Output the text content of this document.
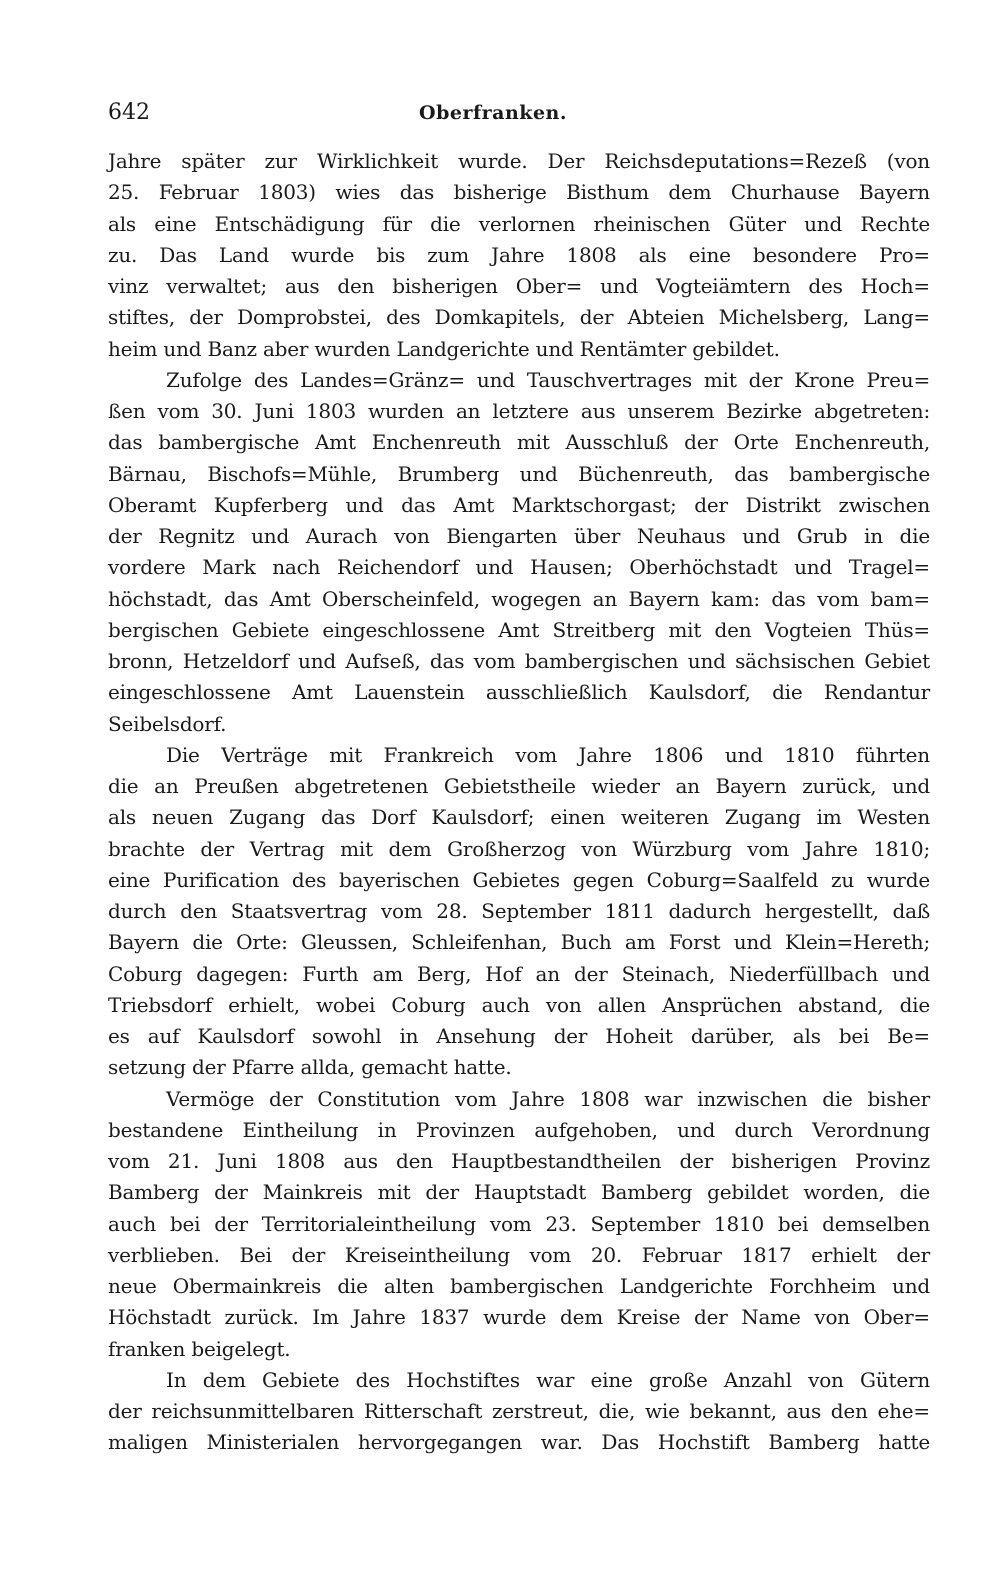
642	Oberfranken.
Jahre später zur Wirklichkeit wurde. Der Reichsdeputations=Rezeß (von
25. Februar 1803) wies das bisherige Bisthum dem Churhause Bayern
als eine Entschädigung für die verlornen rheinischen Güter und Rechte
zu. Das Land wurde bis zum Jahre 1808 als eine besondere Pro=
vinz verwaltet; aus den bisherigen Ober= und Vogteiämtern des Hoch=
stiftes, der Domprobstei, des Domkapitels, der Abteien Michelsberg, Lang=
heim und Banz aber wurden Landgerichte und Rentämter gebildet.
Zufolge des Landes=Gränz= und Tauschvertrages mit der Krone Preu=
ßen vom 30. Juni 1803 wurden an letztere aus unserem Bezirke abgetreten:
das bambergische Amt Enchenreuth mit Ausschluß der Orte Enchenreuth,
Bärnau, Bischofs=Mühle, Brumberg und Büchenreuth, das bambergische
Oberamt Kupferberg und das Amt Marktschorgast; der Distrikt zwischen
der Regnitz und Aurach von Biengarten über Neuhaus und Grub in die
vordere Mark nach Reichendorf und Hausen; Oberhöchstadt und Tragel=
höchstadt, das Amt Oberscheinfeld, wogegen an Bayern kam: das vom bam=
bergischen Gebiete eingeschlossene Amt Streitberg mit den Vogteien Thüs=
bronn, Hetzeldorf und Aufseß, das vom bambergischen und sächsischen Gebiet
eingeschlossene Amt Lauenstein ausschließlich Kaulsdorf, die Rendantur
Seibelsdorf.
Die Verträge mit Frankreich vom Jahre 1806 und 1810 führten
die an Preußen abgetretenen Gebietstheile wieder an Bayern zurück, und
als neuen Zugang das Dorf Kaulsdorf; einen weiteren Zugang im Westen
brachte der Vertrag mit dem Großherzog von Würzburg vom Jahre 1810;
eine Purification des bayerischen Gebietes gegen Coburg=Saalfeld zu wurde
durch den Staatsvertrag vom 28. September 1811 dadurch hergestellt, daß
Bayern die Orte: Gleussen, Schleifenhan, Buch am Forst und Klein=Hereth;
Coburg dagegen: Furth am Berg, Hof an der Steinach, Niederfüllbach und
Triebsdorf erhielt, wobei Coburg auch von allen Ansprüchen abstand, die
es auf Kaulsdorf sowohl in Ansehung der Hoheit darüber, als bei Be=
setzung der Pfarre allda, gemacht hatte.
Vermöge der Constitution vom Jahre 1808 war inzwischen die bisher
bestandene Eintheilung in Provinzen aufgehoben, und durch Verordnung
vom 21. Juni 1808 aus den Hauptbestandtheilen der bisherigen Provinz
Bamberg der Mainkreis mit der Hauptstadt Bamberg gebildet worden, die
auch bei der Territorialeintheilung vom 23. September 1810 bei demselben
verblieben. Bei der Kreiseintheilung vom 20. Februar 1817 erhielt der
neue Obermainkreis die alten bambergischen Landgerichte Forchheim und
Höchstadt zurück. Im Jahre 1837 wurde dem Kreise der Name von Ober=
franken beigelegt.
In dem Gebiete des Hochstiftes war eine große Anzahl von Gütern
der reichsunmittelbaren Ritterschaft zerstreut, die, wie bekannt, aus den ehe=
maligen Ministerialen hervorgegangen war. Das Hochstift Bamberg hatte
